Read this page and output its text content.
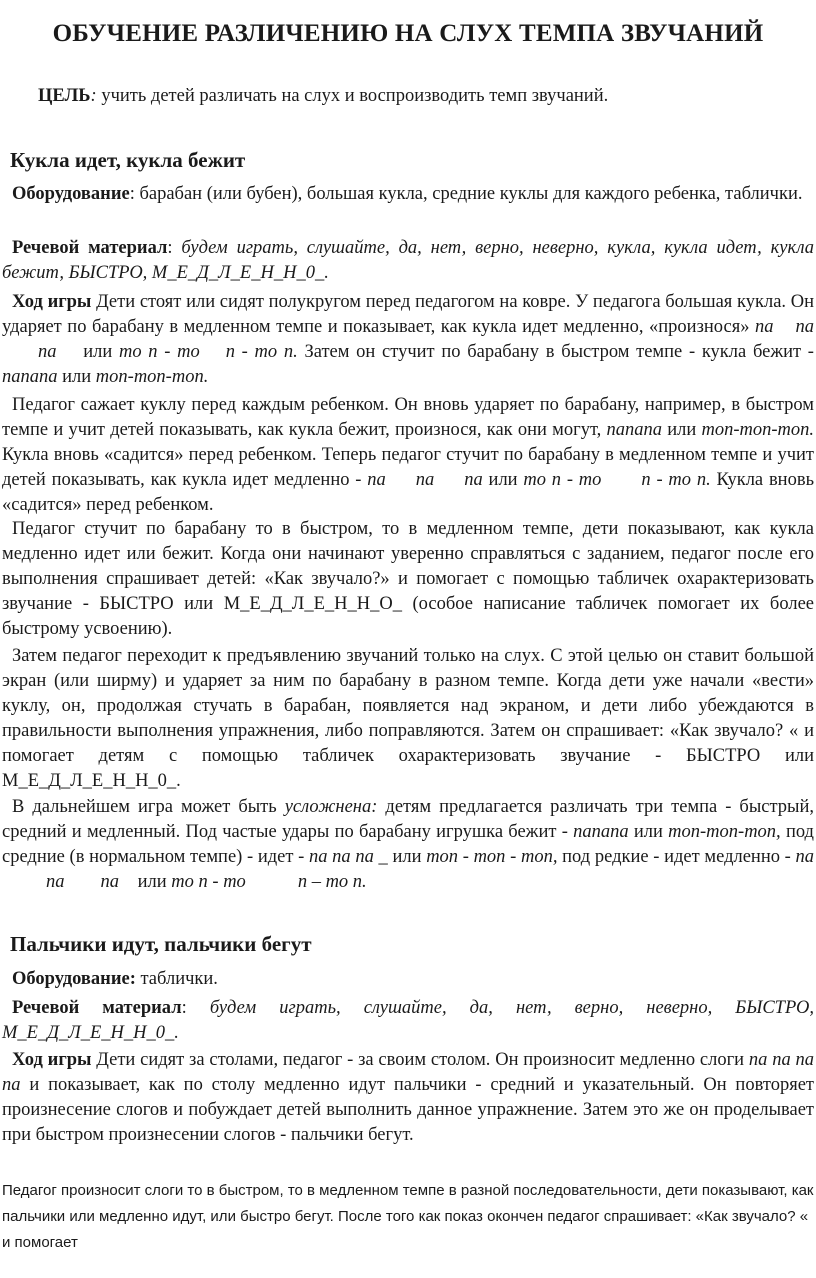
ОБУЧЕНИЕ РАЗЛИЧЕНИЮ НА СЛУХ ТЕМПА ЗВУЧАНИЙ
ЦЕЛЬ: учить детей различать на слух и воспроизводить темп звучаний.
Кукла идет, кукла бежит

Оборудование: барабан (или бубен), большая кукла, средние куклы для каждого ребенка, таблички.

Речевой материал: будем играть, слушайте, да, нет, верно, неверно, кукла, кукла идет, кукла бежит, БЫСТРО, М_Е_Д_Л_Е_Н_Н_0_.

Ход игры Дети стоят или сидят полукругом перед педагогом на ковре. У педагога большая кукла. Он ударяет по барабану в медленном темпе и показывает, как кукла идет медленно, «произнося» па папа или то п - то п - то п. Затем он стучит по барабану в быстром темпе - кукла бежит - папапа или топ-топ-топ.

Педагог сажает куклу перед каждым ребенком. Он вновь ударяет по барабану, например, в быстром темпе и учит детей показывать, как кукла бежит, произнося, как они могут, папапа или топ-топ-топ. Кукла вновь «садится» перед ребенком. Теперь педагог стучит по барабану в медленном темпе и учит детей показывать, как кукла идет медленно - па па па или то п - то п - то п. Кукла вновь «садится» перед ребенком.

Педагог стучит по барабану то в быстром, то в медленном темпе, дети показывают, как кукла медленно идет или бежит. Когда они начинают уверенно справляться с заданием, педагог после его выполнения спрашивает детей: «Как звучало?» и помогает с помощью табличек охарактеризовать звучание - БЫСТРО или М_Е_Д_Л_Е_Н_Н_О_ (особое написание табличек помогает их более быстрому усвоению).

Затем педагог переходит к предъявлению звучаний только на слух. С этой целью он ставит большой экран (или ширму) и ударяет за ним по барабану в разном темпе. Когда дети уже начали «вести» куклу, он, продолжая стучать в барабан, появляется над экраном, и дети либо убеждаются в правильности выполнения упражнения, либо поправляются. Затем он спрашивает: «Как звучало? « и помогает детям с помощью табличек охарактеризовать звучание - БЫСТРО или М_Е_Д_Л_Е_Н_Н_0_.

В дальнейшем игра может быть усложнена: детям предлагается различать три темпа - быстрый, средний и медленный. Под частые удары по барабану игрушка бежит - папапа или топ-топ-топ, под средние (в нормальном темпе) - идет - па па па _ или топ - топ - топ, под редкие - идет медленно - папа па или то п - то	п – то п.

Пальчики идут, пальчики бегут

Оборудование: таблички.

Речевой материал: будем играть, слушайте, да, нет, верно, неверно, БЫСТРО, М_Е_Д_Л_Е_Н_Н_0_.

Ход игры Дети сидят за столами, педагог - за своим столом. Он произносит медленно слоги па па па па и показывает, как по столу медленно идут пальчики - средний и указательный. Он повторяет произнесение слогов и побуждает детей выполнить данное упражнение. Затем это же он проделывает при быстром произнесении слогов - пальчики бегут.

Педагог произносит слоги то в быстром, то в медленном темпе в разной последовательности, дети показывают, как пальчики или медленно идут, или быстро бегут. После того как показ окончен педагог спрашивает: «Как звучало? « и помогает
